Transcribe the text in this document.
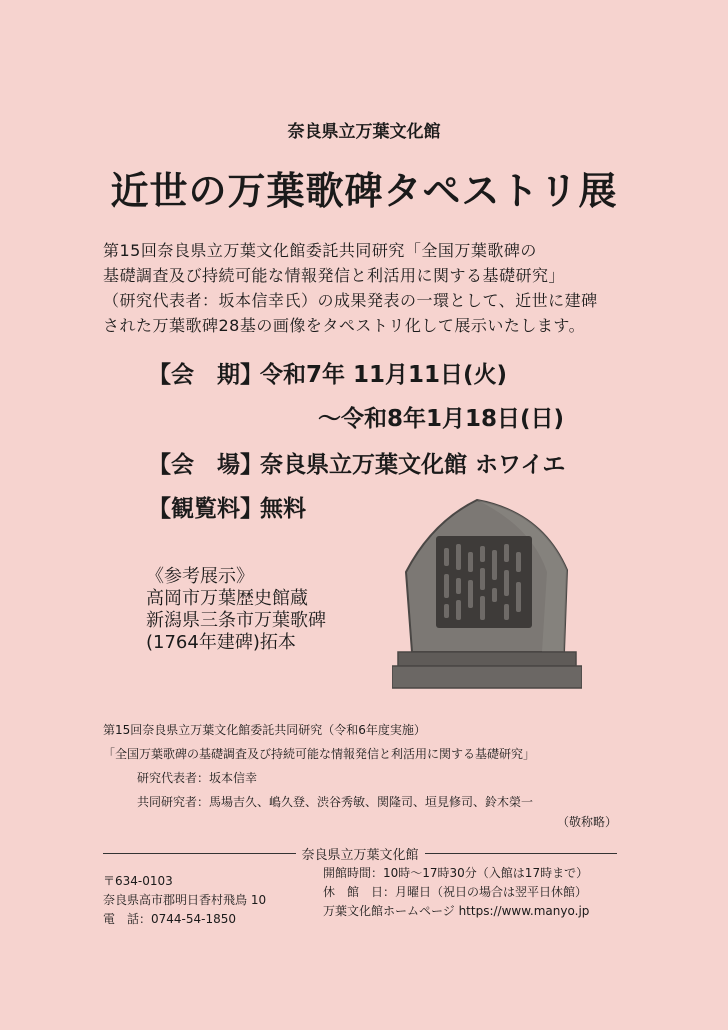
奈良県立万葉文化館
近世の万葉歌碑タペストリ展
第15回奈良県立万葉文化館委託共同研究「全国万葉歌碑の
基礎調査及び持続可能な情報発信と利活用に関する基礎研究」
（研究代表者：坂本信幸氏）の成果発表の一環として、近世に建碑
された万葉歌碑28基の画像をタペストリ化して展示いたします。
【会　期】令和7年 11月11日(火)
～令和8年1月18日(日)
【会　場】奈良県立万葉文化館 ホワイエ
【観覧料】無料
《参考展示》
高岡市万葉歴史館蔵
新潟県三条市万葉歌碑
(1764年建碑)拓本
第15回奈良県立万葉文化館委託共同研究（令和6年度実施）
「全国万葉歌碑の基礎調査及び持続可能な情報発信と利活用に関する基礎研究」
研究代表者：坂本信幸
共同研究者：馬場吉久、嶋久登、渋谷秀敏、関隆司、垣見修司、鈴木榮一
（敬称略）
奈良県立万葉文化館
〒634-0103
奈良県高市郡明日香村飛鳥 10
電　話：0744-54-1850
開館時間：10時～17時30分（入館は17時まで）
休　館　日：月曜日（祝日の場合は翌平日休館）
万葉文化館ホームページ https://www.manyo.jp
